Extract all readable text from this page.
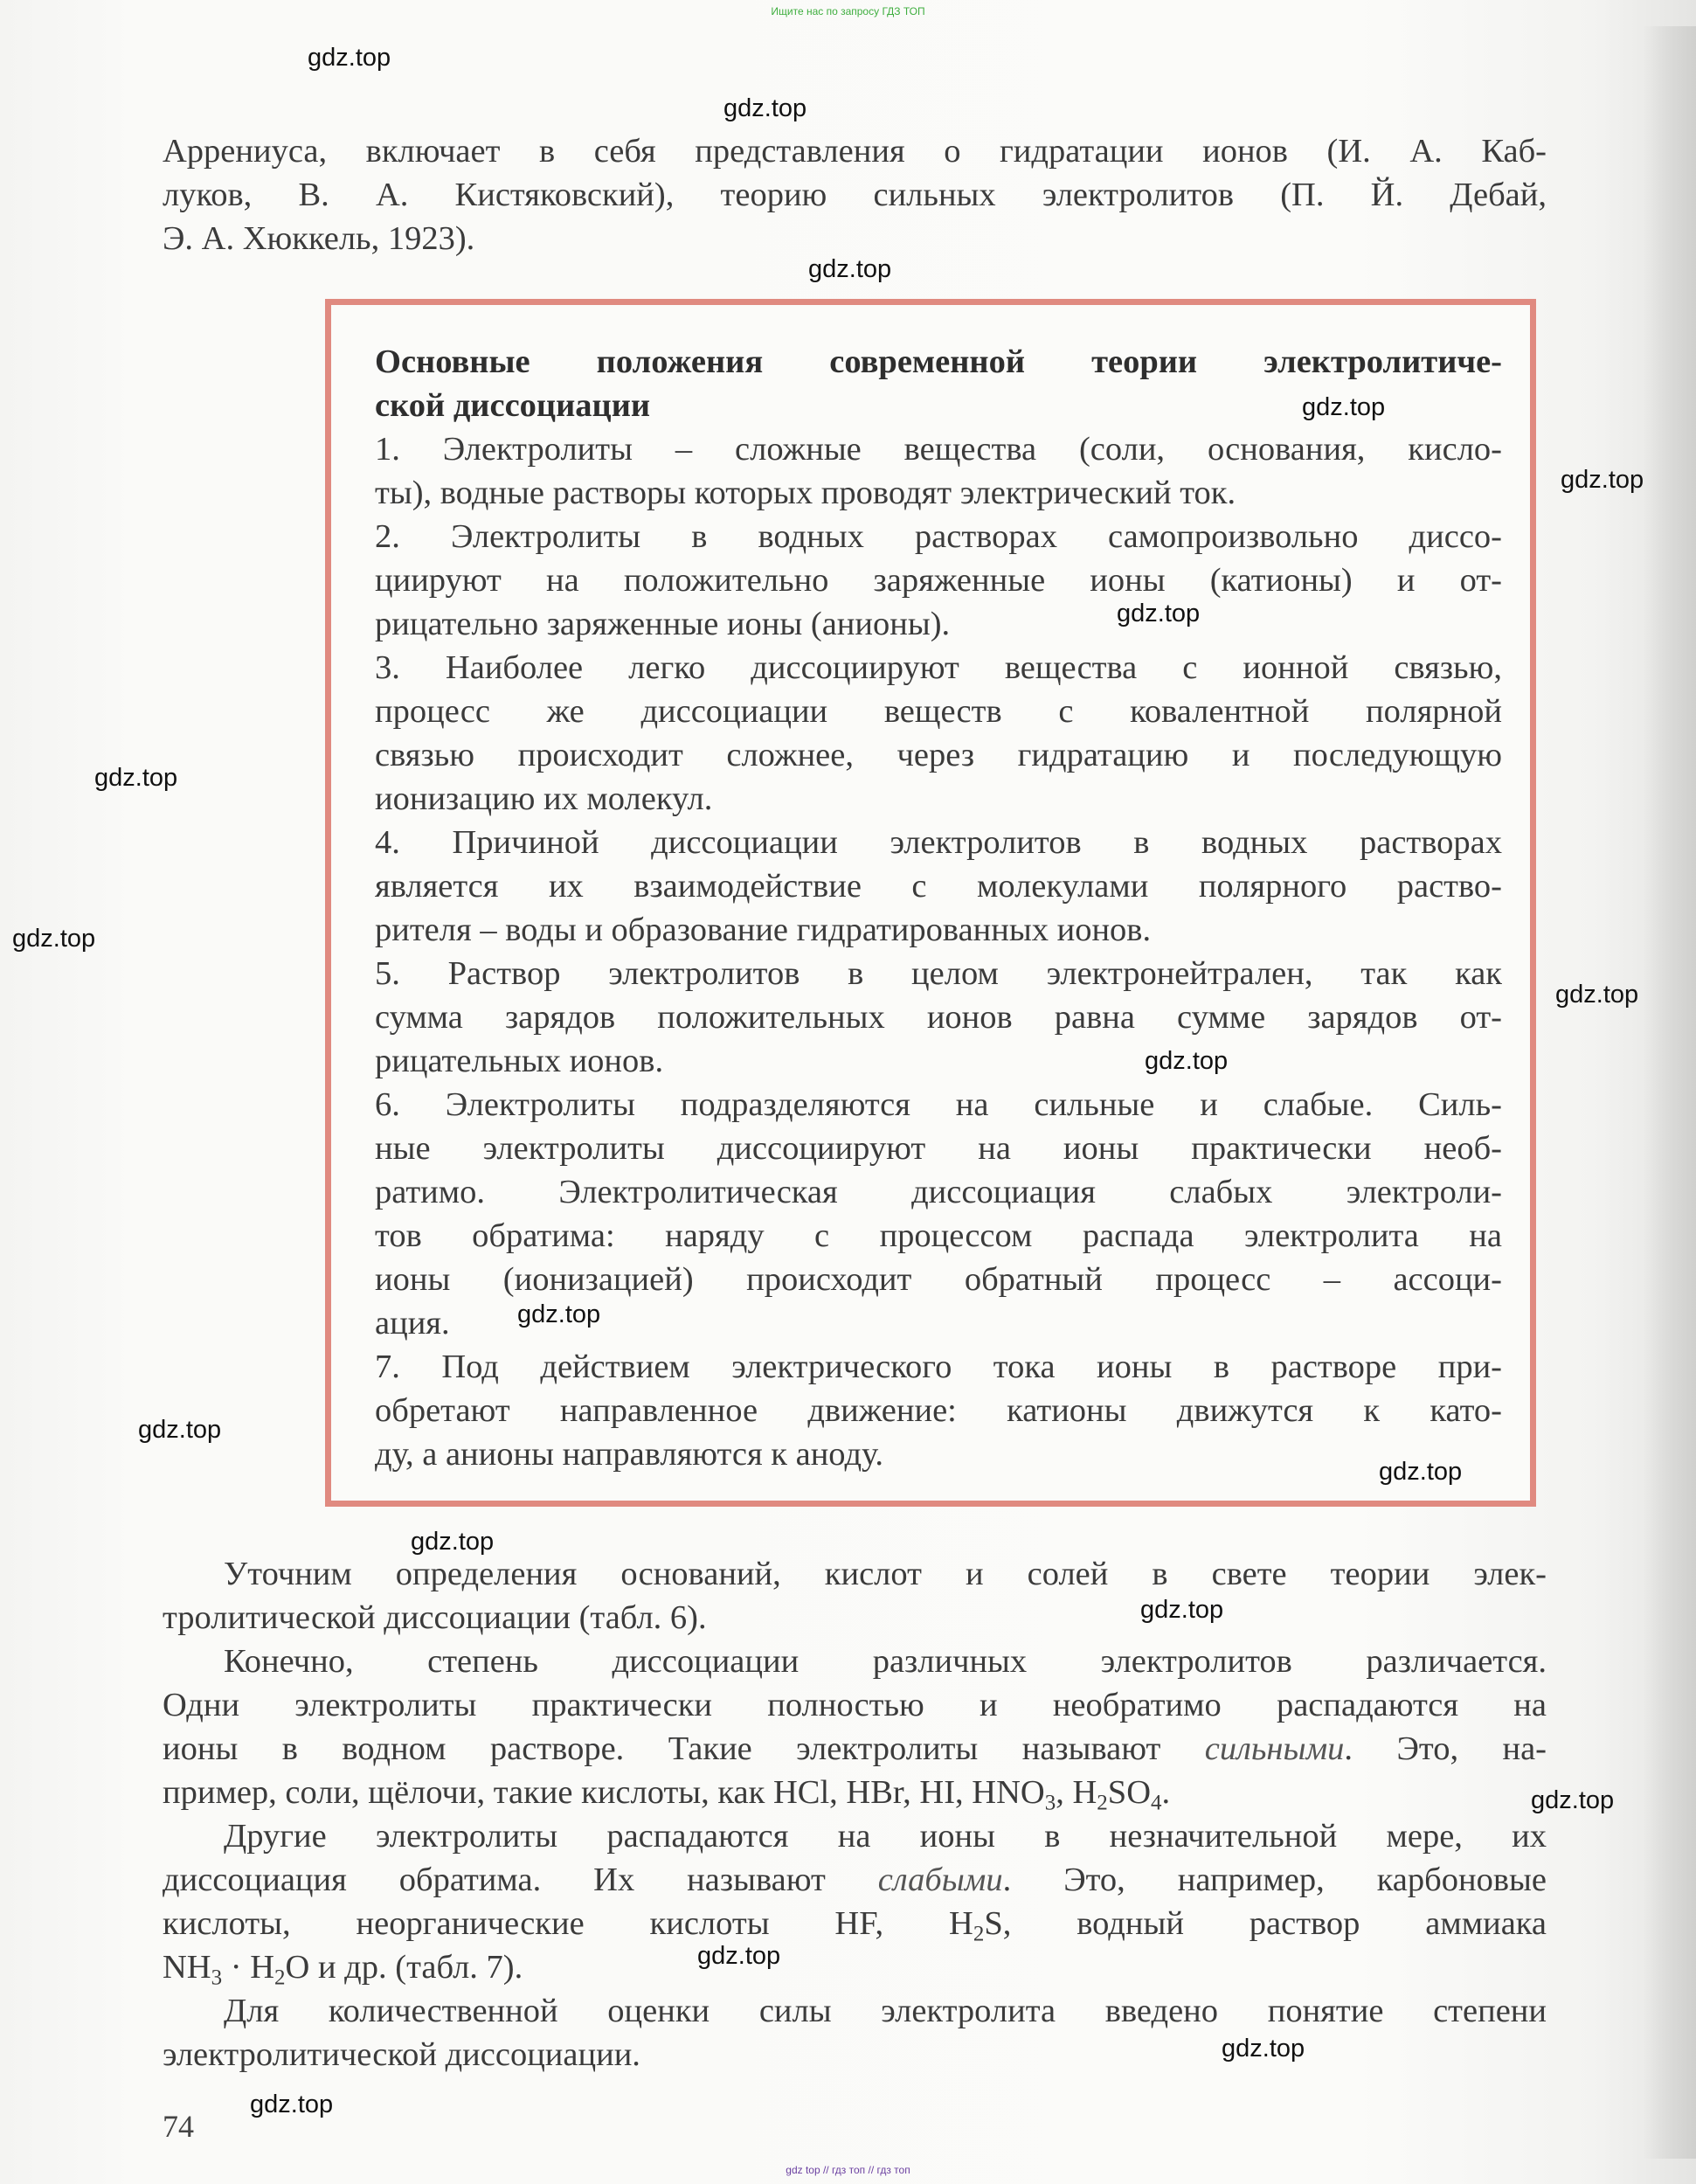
Ищите нас по запросу ГДЗ ТОП
Аррениуса, включает в себя представления о гидратации ионов (И. А. Каб-
луков, В. А. Кистяковский), теорию сильных электролитов (П. Й. Дебай,
Э. А. Хюккель, 1923).
Основные положения современной теории электролитиче-
ской диссоциации
1. Электролиты – сложные вещества (соли, основания, кисло-
ты), водные растворы которых проводят электрический ток.
2. Электролиты в водных растворах самопроизвольно диссо-
циируют на положительно заряженные ионы (катионы) и от-
рицательно заряженные ионы (анионы).
3. Наиболее легко диссоциируют вещества с ионной связью,
процесс же диссоциации веществ с ковалентной полярной
связью происходит сложнее, через гидратацию и последующую
ионизацию их молекул.
4. Причиной диссоциации электролитов в водных растворах
является их взаимодействие с молекулами полярного раство-
рителя – воды и образование гидратированных ионов.
5. Раствор электролитов в целом электронейтрален, так как
сумма зарядов положительных ионов равна сумме зарядов от-
рицательных ионов.
6. Электролиты подразделяются на сильные и слабые. Силь-
ные электролиты диссоциируют на ионы практически необ-
ратимо. Электролитическая диссоциация слабых электроли-
тов обратима: наряду с процессом распада электролита на
ионы (ионизацией) происходит обратный процесс – ассоци-
ация.
7. Под действием электрического тока ионы в растворе при-
обретают направленное движение: катионы движутся к като-
ду, а анионы направляются к аноду.
Уточним определения оснований, кислот и солей в свете теории элек-
тролитической диссоциации (табл. 6).
Конечно, степень диссоциации различных электролитов различается.
Одни электролиты практически полностью и необратимо распадаются на
ионы в водном растворе. Такие электролиты называют сильными. Это, на-
пример, соли, щёлочи, такие кислоты, как HCl, HBr, HI, $HNO_3$, $H_2SO_4$.
Другие электролиты распадаются на ионы в незначительной мере, их
диссоциация обратима. Их называют слабыми. Это, например, карбоновые
кислоты, неорганические кислоты HF, $H_2S$, водный раствор аммиака
$NH_3 \cdot H_2O$ и др. (табл. 7).
Для количественной оценки силы электролита введено понятие степени
электролитической диссоциации.
74
gdz.top
gdz.top
gdz.top
gdz.top
gdz.top
gdz.top
gdz.top
gdz.top
gdz.top
gdz.top
gdz.top
gdz.top
gdz.top
gdz.top
gdz.top
gdz.top
gdz.top
gdz.top
gdz.top
gdz top // гдз топ // гдз топ
